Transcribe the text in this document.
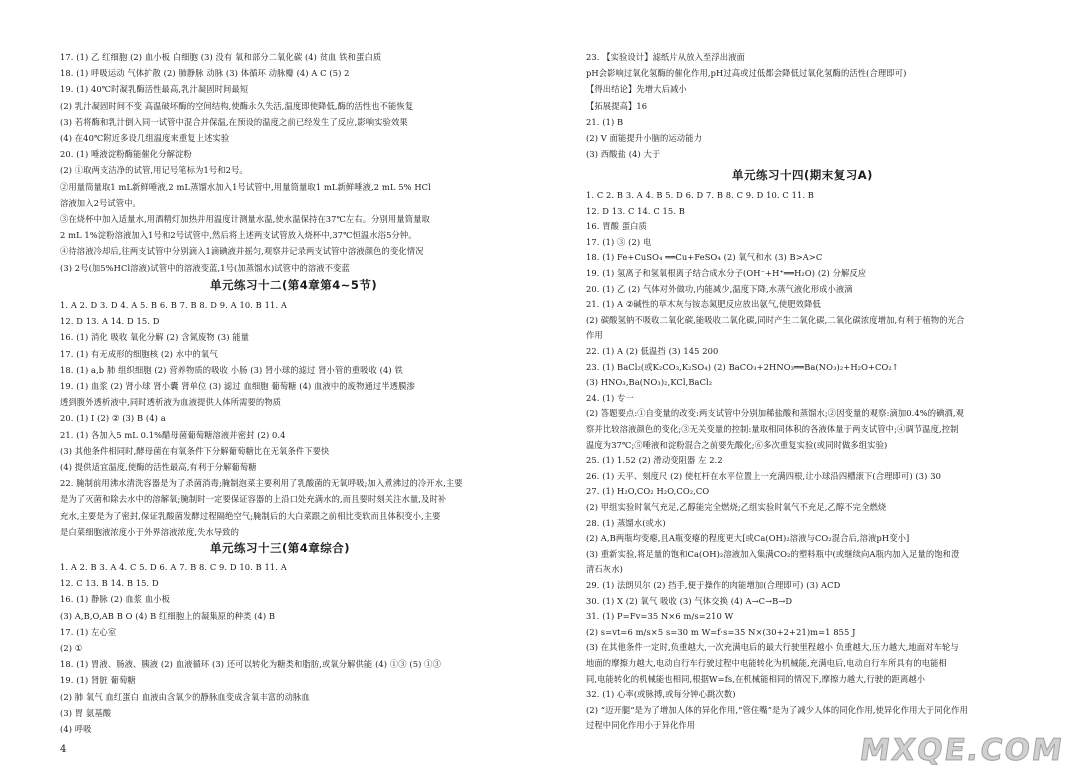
17. (1) 乙 红细胞 (2) 血小板 白细胞 (3) 没有 氧和部分二氧化碳 (4) 贫血 铁和蛋白质
18. (1) 呼吸运动 气体扩散 (2) 肺静脉 动脉 (3) 体循环 动脉瓣 (4) A C (5) 2
19. (1) 40℃时凝乳酶活性最高,乳汁凝固时间最短
(2) 乳汁凝固时间不变 高温破坏酶的空间结构,使酶永久失活,温度即使降低,酶的活性也不能恢复
(3) 若将酶和乳汁倒入同一试管中混合并保温,在预设的温度之前已经发生了反应,影响实验效果
(4) 在40℃附近多设几组温度来重复上述实验
20. (1) 唾液淀粉酶能催化分解淀粉
(2) ①取两支洁净的试管,用记号笔标为1号和2号。
②用量筒量取1 mL新鲜唾液,2 mL蒸馏水加入1号试管中,用量筒量取1 mL新鲜唾液,2 mL 5% HCl
溶液加入2号试管中。
③在烧杯中加入适量水,用酒精灯加热并用温度计测量水温,使水温保持在37℃左右。分别用量筒量取
2 mL 1%淀粉溶液加入1号和2号试管中,然后将上述两支试管放入烧杯中,37℃恒温水浴5分钟。
④待溶液冷却后,往两支试管中分别滴入1滴碘液并摇匀,观察并记录两支试管中溶液颜色的变化情况
(3) 2号(加5%HCl溶液)试管中的溶液变蓝,1号(加蒸馏水)试管中的溶液不变蓝
单元练习十二(第4章第4~5节)
1. A 2. D 3. D 4. A 5. B 6. B 7. B 8. D 9. A 10. B 11. A
12. D 13. A 14. D 15. D
16. (1) 消化 吸收 氧化分解 (2) 含氮废物 (3) 能量
17. (1) 有无成形的细胞核 (2) 水中的氧气
18. (1) a,b 肺 组织细胞 (2) 营养物质的吸收 小肠 (3) 肾小球的滤过 肾小管的重吸收 (4) 铁
19. (1) 血浆 (2) 肾小球 肾小囊 肾单位 (3) 滤过 血细胞 葡萄糖 (4) 血液中的废物通过半透膜渗
透到腹外透析液中,同时透析液为血液提供人体所需要的物质
20. (1) Ⅰ (2) ② (3) B (4) a
21. (1) 各加入5 mL 0.1%醋母菌葡萄糖溶液并密封 (2) 0.4
(3) 其他条件相同时,酵母菌在有氧条件下分解葡萄糖比在无氧条件下要快
(4) 提供适宜温度,使酶的活性最高,有利于分解葡萄糖
22. 腌制前用沸水清洗容器是为了杀菌消毒;腌制泡菜主要利用了乳酸菌的无氧呼吸;加入煮沸过的冷开水,主要
是为了灭菌和除去水中的溶解氧;腌制时一定要保证容器的上沿口处充满水的,而且要时刻关注水量,及时补
充水,主要是为了密封,保证乳酸菌发酵过程隔绝空气;腌制后的大白菜跟之前相比变软而且体积变小,主要
是白菜细胞液浓度小于外界溶液浓度,失水导致的
单元练习十三(第4章综合)
1. A 2. B 3. A 4. C 5. D 6. A 7. B 8. C 9. D 10. B 11. A
12. C 13. B 14. B 15. D
16. (1) 静脉 (2) 血浆 血小板
(3) A,B,O,AB B O (4) B 红细胞上的凝集原的种类 (4) B
17. (1) 左心室
(2) ①
18. (1) 胃液、肠液、胰液 (2) 血液循环 (3) 还可以转化为糖类和脂肪,或氧分解供能 (4) ①③ (5) ①③
19. (1) 肾脏 葡萄糖
(2) 肺 氧气 血红蛋白 血液由含氧少的静脉血变成含氧丰富的动脉血
(3) 胃 氨基酸
(4) 呼吸
23. 【实验设计】滤纸片从放入至浮出液面
pH会影响过氧化氢酶的催化作用,pH过高或过低都会降低过氧化氢酶的活性(合理即可)
【得出结论】先增大后减小
【拓展提高】16
21. (1) B
(2) V 面能提升小脑的运动能力
(3) 西酸盐 (4) 大于
单元练习十四(期末复习A)
1. C 2. B 3. A 4. B 5. D 6. D 7. B 8. C 9. D 10. C 11. B
12. D 13. C 14. C 15. B
16. 胃酸 蛋白质
17. (1) ③ (2) 电
18. (1) Fe+CuSO₄ ══Cu+FeSO₄ (2) 氧气和水 (3) B>A>C
19. (1) 氢离子和氢氧根离子结合成水分子(OH⁻+H⁺══H₂O) (2) 分解反应
20. (1) 乙 (2) 气体对外做功,内能减少,温度下降,水蒸气液化形成小液滴
21. (1) A ②碱性的草木灰与铵态氮肥反应放出氨气,使肥效降低
(2) 碳酸氢钠不吸收二氧化碳,能吸收二氧化碳,同时产生二氧化碳,二氧化碳浓度增加,有利于植物的光合
作用
22. (1) A (2) 低温挡 (3) 145 200
23. (1) BaCl₂(或K₂CO₃,K₂SO₄) (2) BaCO₃+2HNO₃══Ba(NO₃)₂+H₂O+CO₂↑
(3) HNO₃,Ba(NO₃)₂,KCl,BaCl₂
24. (1) 专一
(2) 答题要点:①自变量的改变:两支试管中分别加稀盐酸和蒸馏水;②因变量的观察:滴加0.4%的碘酒,观
察并比较溶液颜色的变化;③无关变量的控制:量取相同体积的各液体量于两支试管中;④调节温度,控制
温度为37℃;⑤唾液和淀粉混合之前要先酸化;⑥多次重复实验(或同时做多组实验)
25. (1) 1.52 (2) 滑动变阻器 左 2.2
26. (1) 天平、刻度尺 (2) 使杠杆在水平位置上一充满四根,让小球沿四槽滚下(合理即可) (3) 30
27. (1) H₂O,CO₂ H₂O,CO₂,CO
(2) 甲组实验时氧气充足,乙醇能完全燃烧;乙组实验时氧气不充足,乙醇不完全燃烧
28. (1) 蒸馏水(或水)
(2) A,B两瓶均变瘪,且A瓶变瘪的程度更大[或Ca(OH)₂溶液与CO₂混合后,溶液pH变小]
(3) 重新实验,将足量的饱和Ca(OH)₂溶液加入集满CO₂的塑料瓶中(或继续向A瓶内加入足量的饱和澄
清石灰水)
29. (1) 法朗贝尔 (2) 挡手,便于操作的肉能增加(合理即可) (3) ACD
30. (1) X (2) 氧气 吸收 (3) 气体交换 (4) A→C→B→D
31. (1) P=Fv=35 N×6 m/s=210 W
(2) s=vt=6 m/s×5 s=30 m W=f·s=35 N×(30+2+21)m=1 855 J
(3) 在其他条件一定时,负重越大,一次充满电后的最大行驶里程越小 负重越大,压力越大,地面对车轮与
地面的摩擦力越大,电动自行车行驶过程中电能转化为机械能,充满电后,电动自行车所具有的电能相
同,电能转化的机械能也相同,根据W=fs,在机械能相同的情况下,摩擦力越大,行驶的距离越小
32. (1) 心率(或脉搏,或每分钟心跳次数)
(2) “迈开腿”是为了增加人体的异化作用,“管住嘴”是为了减少人体的同化作用,使异化作用大于同化作用
过程中同化作用小于异化作用
4	MXQE.COM
